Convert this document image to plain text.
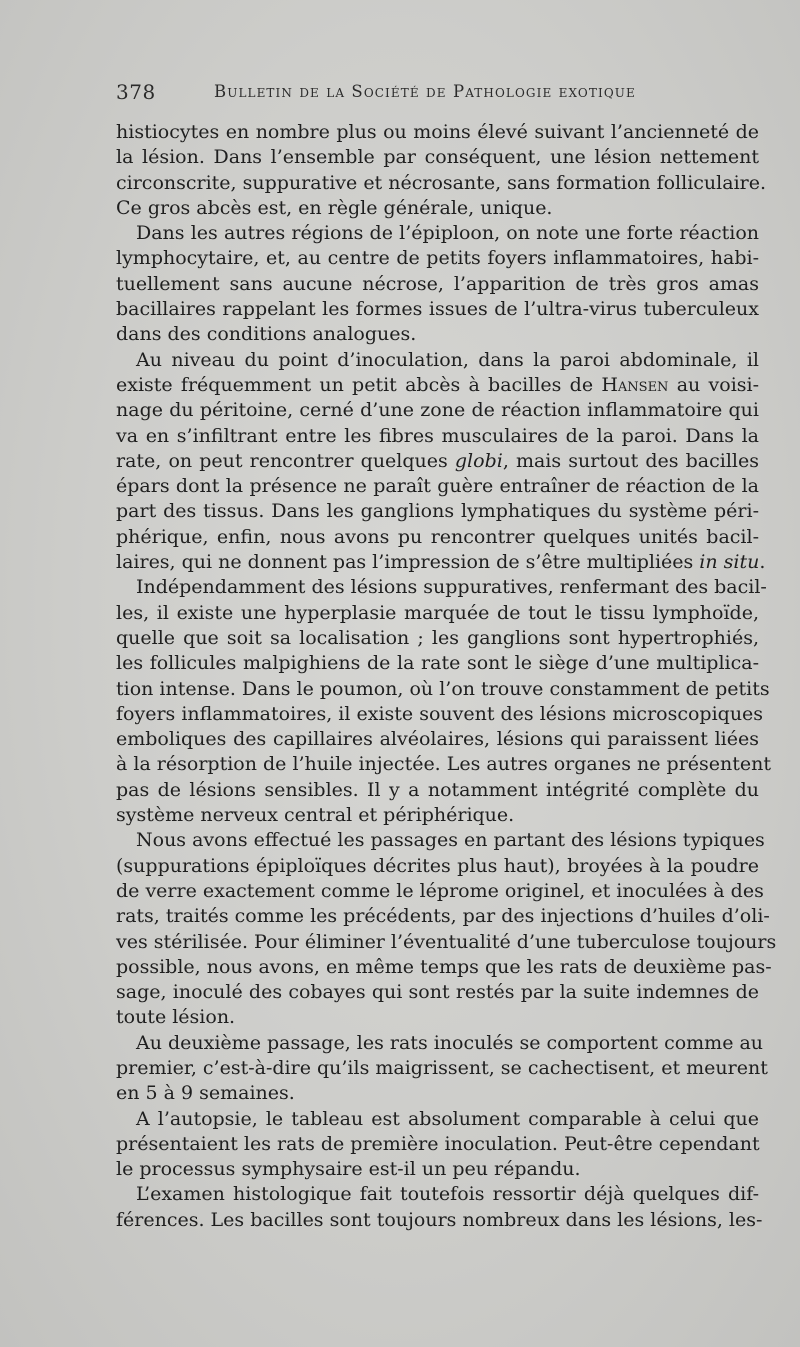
378	Bulletin de la Société de Pathologie exotique
histiocytes en nombre plus ou moins élevé suivant l’ancienneté de
la lésion. Dans l’ensemble par conséquent, une lésion nettement
circonscrite, suppurative et nécrosante, sans formation folliculaire.
Ce gros abcès est, en règle générale, unique.
Dans les autres régions de l’épiploon, on note une forte réaction
lymphocytaire, et, au centre de petits foyers inflammatoires, habi-
tuellement sans aucune nécrose, l’apparition de très gros amas
bacillaires rappelant les formes issues de l’ultra-virus tuberculeux
dans des conditions analogues.
Au niveau du point d’inoculation, dans la paroi abdominale, il
existe fréquemment un petit abcès à bacilles de Hansen au voisi-
nage du péritoine, cerné d’une zone de réaction inflammatoire qui
va en s’infiltrant entre les fibres musculaires de la paroi. Dans la
rate, on peut rencontrer quelques globi, mais surtout des bacilles
épars dont la présence ne paraît guère entraîner de réaction de la
part des tissus. Dans les ganglions lymphatiques du système péri-
phérique, enfin, nous avons pu rencontrer quelques unités bacil-
laires, qui ne donnent pas l’impression de s’être multipliées in situ.
Indépendamment des lésions suppuratives, renfermant des bacil-
les, il existe une hyperplasie marquée de tout le tissu lymphoïde,
quelle que soit sa localisation ; les ganglions sont hypertrophiés,
les follicules malpighiens de la rate sont le siège d’une multiplica-
tion intense. Dans le poumon, où l’on trouve constamment de petits
foyers inflammatoires, il existe souvent des lésions microscopiques
emboliques des capillaires alvéolaires, lésions qui paraissent liées
à la résorption de l’huile injectée. Les autres organes ne présentent
pas de lésions sensibles. Il y a notamment intégrité complète du
système nerveux central et périphérique.
Nous avons effectué les passages en partant des lésions typiques
(suppurations épiploïques décrites plus haut), broyées à la poudre
de verre exactement comme le léprome originel, et inoculées à des
rats, traités comme les précédents, par des injections d’huiles d’oli-
ves stérilisée. Pour éliminer l’éventualité d’une tuberculose toujours
possible, nous avons, en même temps que les rats de deuxième pas-
sage, inoculé des cobayes qui sont restés par la suite indemnes de
toute lésion.
Au deuxième passage, les rats inoculés se comportent comme au
premier, c’est-à-dire qu’ils maigrissent, se cachectisent, et meurent
en 5 à 9 semaines.
A l’autopsie, le tableau est absolument comparable à celui que
présentaient les rats de première inoculation. Peut-être cependant
le processus symphysaire est-il un peu répandu.
L’examen histologique fait toutefois ressortir déjà quelques dif-
férences. Les bacilles sont toujours nombreux dans les lésions, les-
